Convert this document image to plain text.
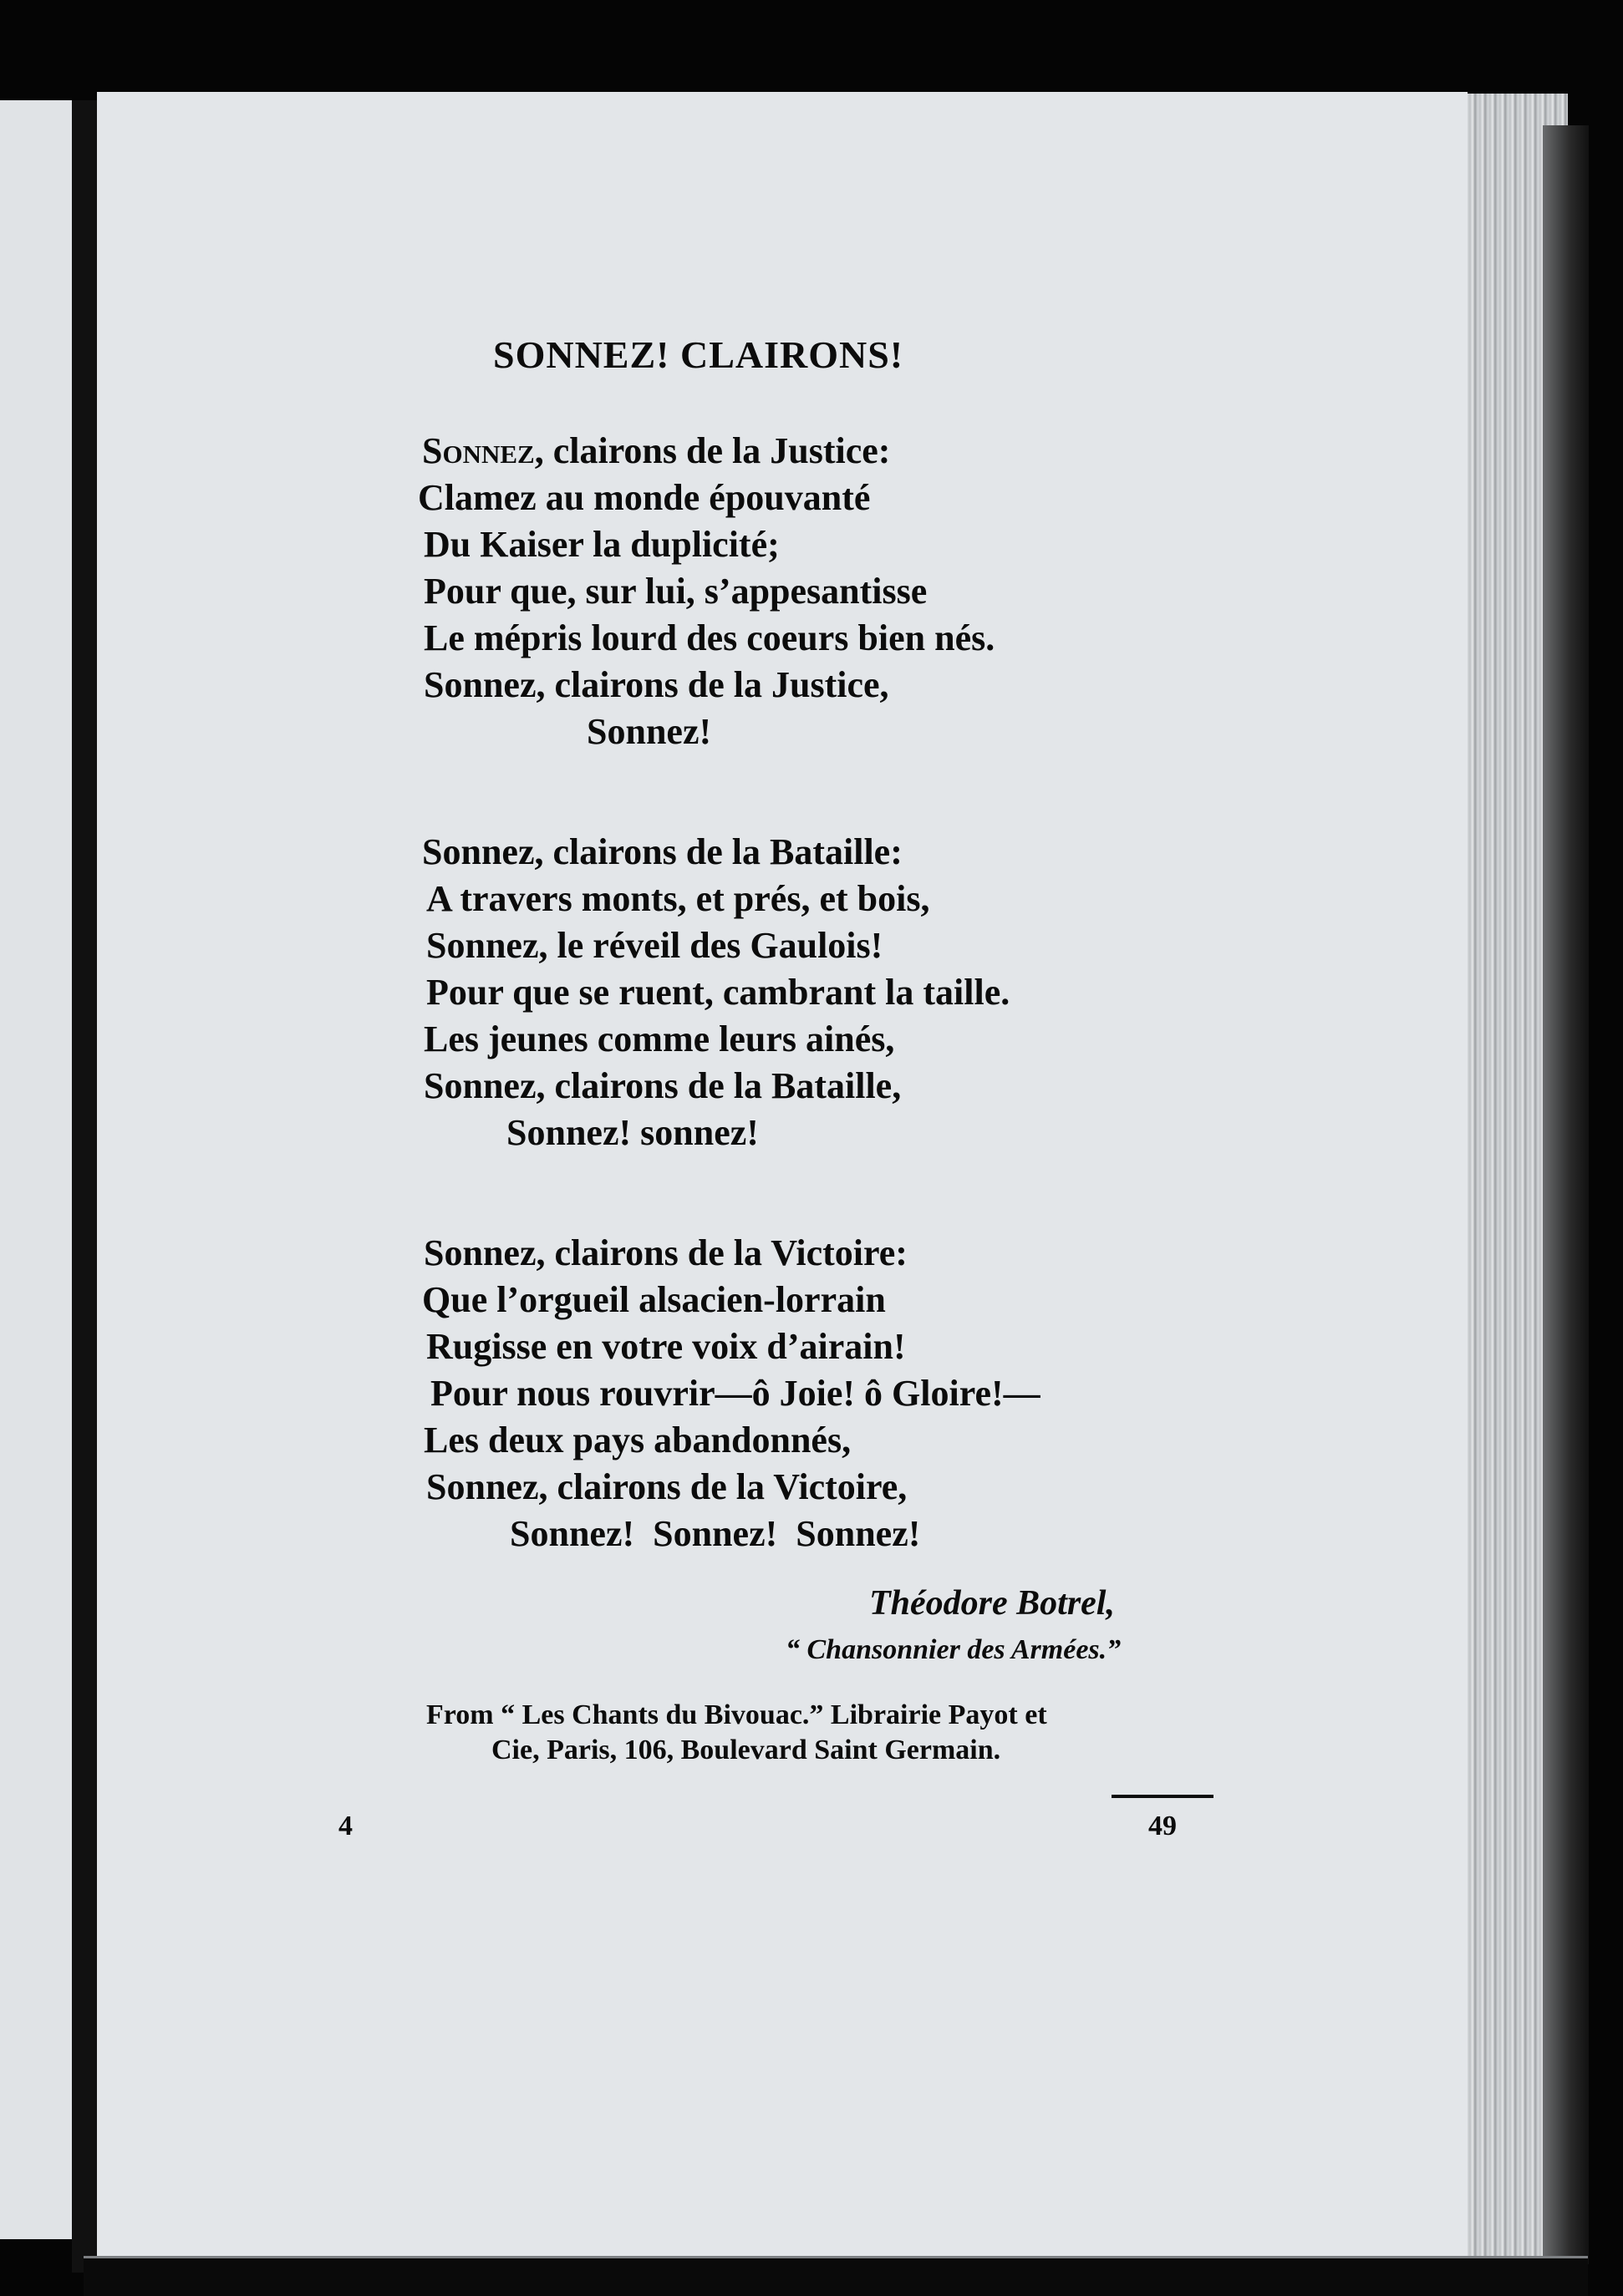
SONNEZ! CLAIRONS!
Sonnez, clairons de la Justice:
Clamez au monde épouvanté
Du Kaiser la duplicité;
Pour que, sur lui, s’appesantisse
Le mépris lourd des coeurs bien nés.
Sonnez, clairons de la Justice,
Sonnez!
Sonnez, clairons de la Bataille:
A travers monts, et prés, et bois,
Sonnez, le réveil des Gaulois!
Pour que se ruent, cambrant la taille.
Les jeunes comme leurs ainés,
Sonnez, clairons de la Bataille,
Sonnez! sonnez!
Sonnez, clairons de la Victoire:
Que l’orgueil alsacien-lorrain
Rugisse en votre voix d’airain!
Pour nous rouvrir—ô Joie! ô Gloire!—
Les deux pays abandonnés,
Sonnez, clairons de la Victoire,
Sonnez!  Sonnez!  Sonnez!
Théodore Botrel,
“ Chansonnier des Armées.”
From “ Les Chants du Bivouac.” Librairie Payot et
Cie, Paris, 106, Boulevard Saint Germain.
4	49
